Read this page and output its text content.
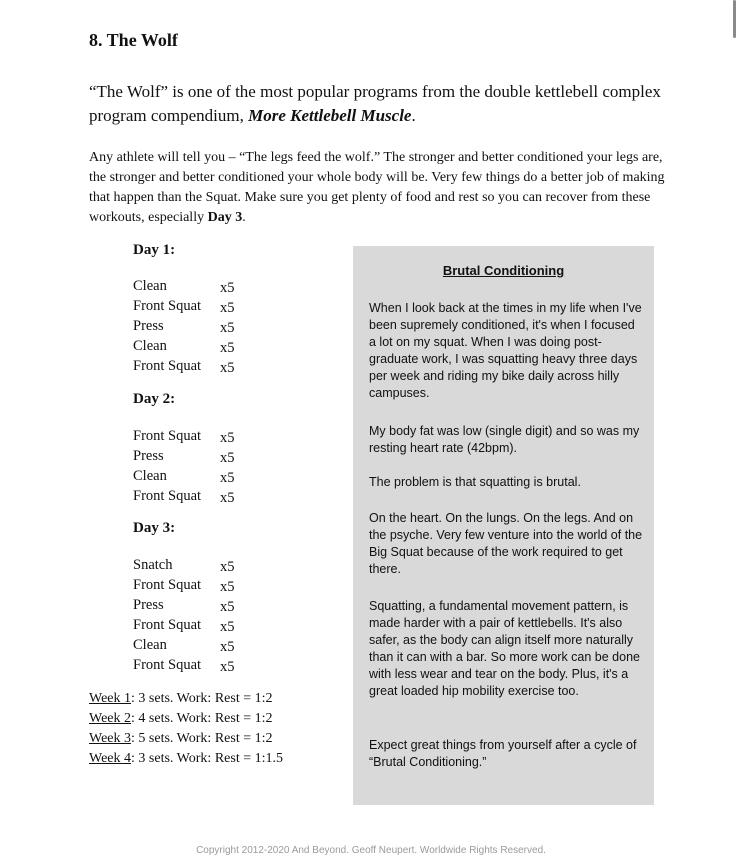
8. The Wolf

“The Wolf” is one of the most popular programs from the double kettlebell complex program compendium, More Kettlebell Muscle.

Any athlete will tell you – “The legs feed the wolf.” The stronger and better conditioned your legs are, the stronger and better conditioned your whole body will be. Very few things do a better job of making that happen than the Squat. Make sure you get plenty of food and rest so you can recover from these workouts, especially Day 3.

Day 1:
Clean	x5
Front Squat x5
Press	x5
Clean	x5
Front Squat x5
Day 2:
Front Squat x5
Press	x5
Clean	x5
Front Squat x5
Day 3:
Snatch	x5
Front Squat x5
Press	x5
Front Squat x5
Clean	x5
Front Squat x5
Week 1: 3 sets. Work: Rest = 1:2
Week 2: 4 sets. Work: Rest = 1:2
Week 3: 5 sets. Work: Rest = 1:2
Week 4: 3 sets. Work: Rest = 1:1.5
Brutal Conditioning

When I look back at the times in my life when I've been supremely conditioned, it's when I focused a lot on my squat. When I was doing post-graduate work, I was squatting heavy three days per week and riding my bike daily across hilly campuses.

My body fat was low (single digit) and so was my resting heart rate (42bpm).

The problem is that squatting is brutal.

On the heart. On the lungs. On the legs. And on the psyche. Very few venture into the world of the Big Squat because of the work required to get there.

Squatting, a fundamental movement pattern, is made harder with a pair of kettlebells. It's also safer, as the body can align itself more naturally than it can with a bar. So more work can be done with less wear and tear on the body. Plus, it's a great loaded hip mobility exercise too.

Expect great things from yourself after a cycle of “Brutal Conditioning.”

Copyright 2012-2020 And Beyond. Geoff Neupert. Worldwide Rights Reserved.
